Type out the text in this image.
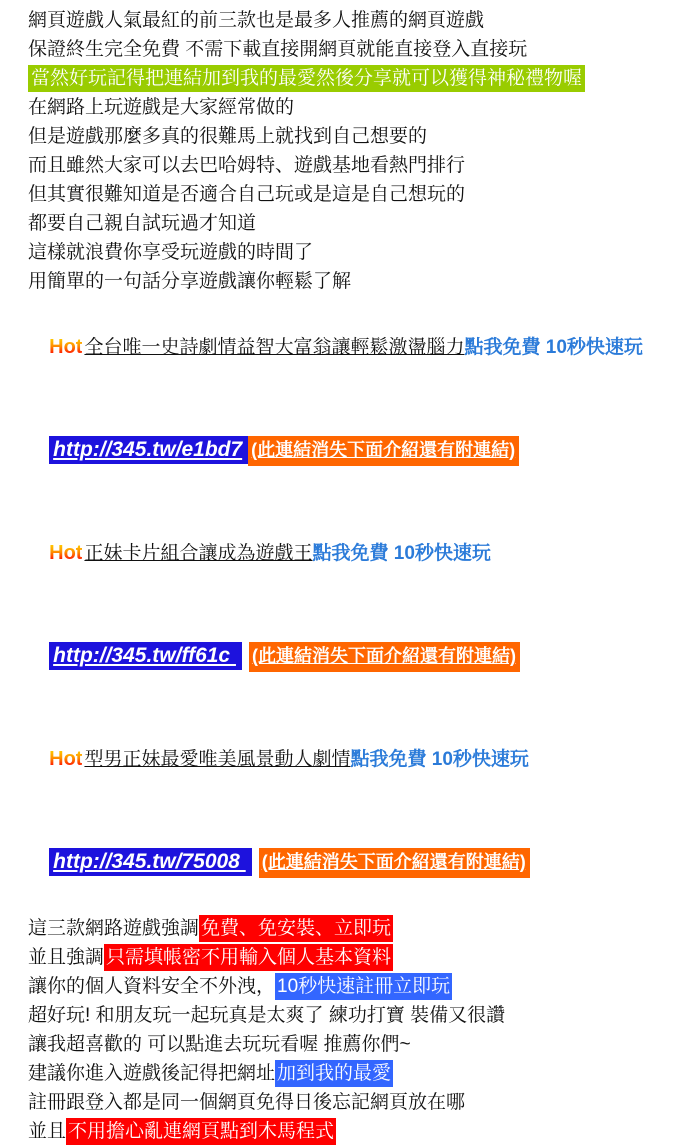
網頁遊戲人氣最紅的前三款也是最多人推薦的網頁遊戲

保證終生完全免費 不需下載直接開網頁就能直接登入直接玩

當然好玩記得把連結加到我的最愛然後分享就可以獲得神秘禮物喔

在網路上玩遊戲是大家經常做的

但是遊戲那麼多真的很難馬上就找到自己想要的

而且雖然大家可以去巴哈姆特、遊戲基地看熱門排行

但其實很難知道是否適合自己玩或是這是自己想玩的

都要自己親自試玩過才知道

這樣就浪費你享受玩遊戲的時間了

用簡單的一句話分享遊戲讓你輕鬆了解

Hot 全台唯一史詩劇情益智大富翁讓輕鬆激盪腦力點我免費 10秒快速玩

http://345.tw/e1bd7 (此連結消失下面介紹還有附連結)

Hot 正妹卡片組合讓成為遊戲王點我免費 10秒快速玩

http://345.tw/ff61c (此連結消失下面介紹還有附連結)

Hot 型男正妹最愛唯美風景動人劇情點我免費 10秒快速玩

http://345.tw/75008 (此連結消失下面介紹還有附連結)

這三款網路遊戲強調 免費、免安裝、立即玩

並且強調 只需填帳密不用輸入個人基本資料

讓你的個人資料安全不外洩， 10秒快速註冊立即玩

超好玩! 和朋友玩一起玩真是太爽了 練功打寶 裝備又很讚

讓我超喜歡的 可以點進去玩玩看喔 推薦你們~

建議你進入遊戲後記得把網址 加到我的最愛

註冊跟登入都是同一個網頁免得日後忘記網頁放在哪

並且 不用擔心亂連網頁點到木馬程式
